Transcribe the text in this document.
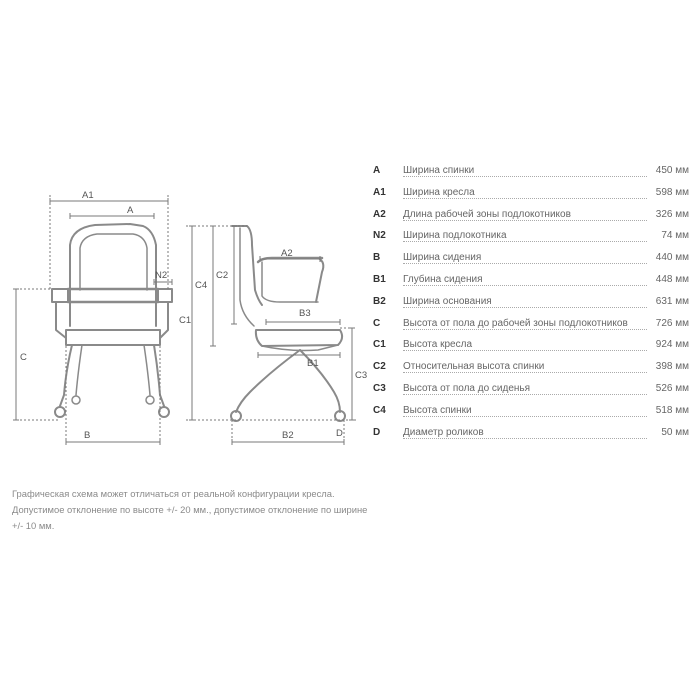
A1
A
N2
C
B
A2
C2
C4
C1
B3
B1
C3
B2	D
A	Ширина спинки	450 мм
A1	Ширина кресла	598 мм
A2	Длина рабочей зоны подлокотников	326 мм
N2	Ширина подлокотника	74 мм
B	Ширина сидения	440 мм
B1	Глубина сидения	448 мм
B2	Ширина основания	631 мм
C	Высота от пола до рабочей зоны подлокотников	726 мм
C1	Высота кресла	924 мм
C2	Относительная высота спинки	398 мм
C3	Высота от пола до сиденья	526 мм
C4	Высота спинки	518 мм
D	Диаметр роликов	50 мм

Графическая схема может отличаться от реальной конфигурации кресла.

Допустимое отклонение по высоте +/- 20 мм., допустимое отклонение по ширине +/- 10 мм.
